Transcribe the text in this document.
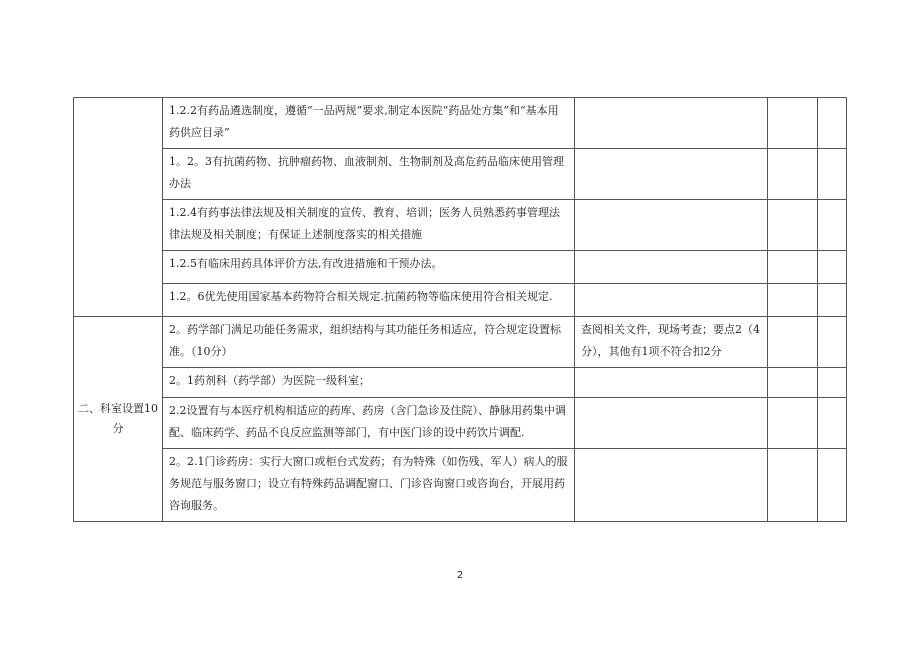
	1.2.2有药品遴选制度，遵循“一品两规”要求,制定本医院“药品处方集”和“基本用药供应目录”			
	1。2。3有抗菌药物、抗肿瘤药物、血液制剂、生物制剂及高危药品临床使用管理办法			
	1.2.4有药事法律法规及相关制度的宣传、教育、培训；医务人员熟悉药事管理法律法规及相关制度；有保证上述制度落实的相关措施			
	1.2.5有临床用药具体评价方法,有改进措施和干预办法。			
	1.2。6优先使用国家基本药物符合相关规定.抗菌药物等临床使用符合相关规定.			
二、科室设置10分	2。药学部门满足功能任务需求，组织结构与其功能任务相适应，符合规定设置标准。（10分）	查阅相关文件，现场考查；要点2（4分），其他有1项不符合扣2分		
	2。1药剂科（药学部）为医院一级科室；			
	2.2设置有与本医疗机构相适应的药库、药房（含门急诊及住院）、静脉用药集中调配、临床药学、药品不良反应监测等部门，有中医门诊的设中药饮片调配.			
	2。2.1门诊药房：实行大窗口或柜台式发药；有为特殊（如伤残、军人）病人的服务规范与服务窗口；设立有特殊药品调配窗口、门诊咨询窗口或咨询台，开展用药咨询服务。			
2
